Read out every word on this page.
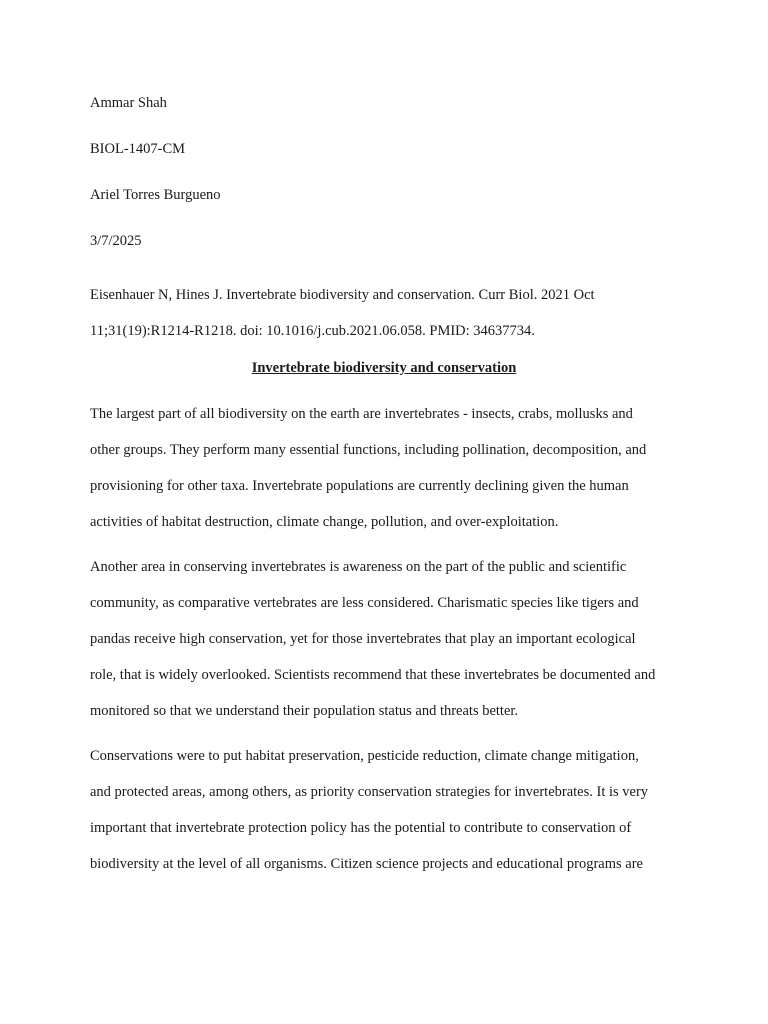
Ammar Shah
BIOL-1407-CM
Ariel Torres Burgueno
3/7/2025
Eisenhauer N, Hines J. Invertebrate biodiversity and conservation. Curr Biol. 2021 Oct
11;31(19):R1214-R1218. doi: 10.1016/j.cub.2021.06.058. PMID: 34637734.
Invertebrate biodiversity and conservation
The largest part of all biodiversity on the earth are invertebrates - insects, crabs, mollusks and
other groups. They perform many essential functions, including pollination, decomposition, and
provisioning for other taxa. Invertebrate populations are currently declining given the human
activities of habitat destruction, climate change, pollution, and over-exploitation.
Another area in conserving invertebrates is awareness on the part of the public and scientific
community, as comparative vertebrates are less considered. Charismatic species like tigers and
pandas receive high conservation, yet for those invertebrates that play an important ecological
role, that is widely overlooked. Scientists recommend that these invertebrates be documented and
monitored so that we understand their population status and threats better.
Conservations were to put habitat preservation, pesticide reduction, climate change mitigation,
and protected areas, among others, as priority conservation strategies for invertebrates. It is very
important that invertebrate protection policy has the potential to contribute to conservation of
biodiversity at the level of all organisms. Citizen science projects and educational programs are
